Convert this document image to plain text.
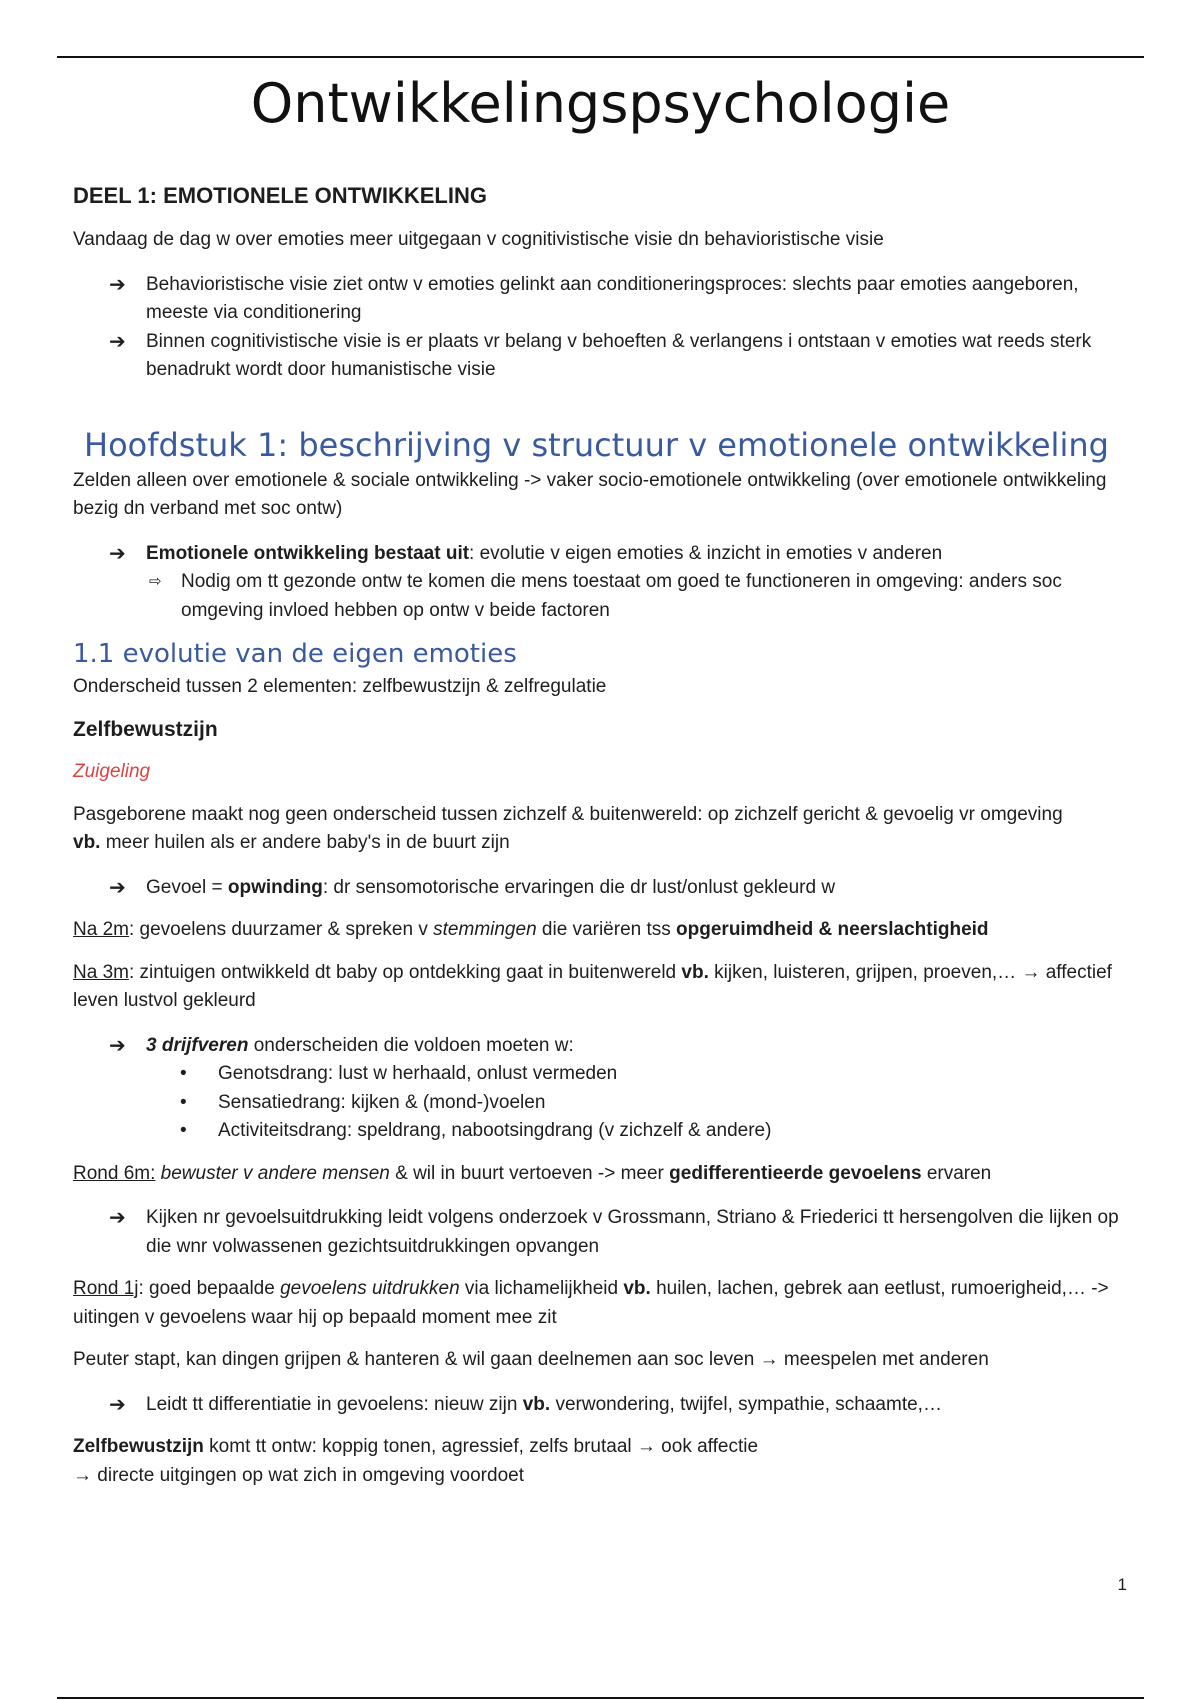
Ontwikkelingspsychologie

DEEL 1: EMOTIONELE ONTWIKKELING

Vandaag de dag w over emoties meer uitgegaan v cognitivistische visie dn behavioristische visie

➔ Behavioristische visie ziet ontw v emoties gelinkt aan conditioneringsproces: slechts paar emoties aangeboren, meeste via conditionering
➔ Binnen cognitivistische visie is er plaats vr belang v behoeften & verlangens i ontstaan v emoties wat reeds sterk benadrukt wordt door humanistische visie
Hoofdstuk 1: beschrijving v structuur v emotionele ontwikkeling

Zelden alleen over emotionele & sociale ontwikkeling -> vaker socio-emotionele ontwikkeling (over emotionele ontwikkeling bezig dn verband met soc ontw)

➔ Emotionele ontwikkeling bestaat uit: evolutie v eigen emoties & inzicht in emoties v anderen
⇨ Nodig om tt gezonde ontw te komen die mens toestaat om goed te functioneren in omgeving: anders soc omgeving invloed hebben op ontw v beide factoren
1.1 evolutie van de eigen emoties

Onderscheid tussen 2 elementen: zelfbewustzijn & zelfregulatie

Zelfbewustzijn

Zuigeling

Pasgeborene maakt nog geen onderscheid tussen zichzelf & buitenwereld: op zichzelf gericht & gevoelig vr omgeving
vb. meer huilen als er andere baby's in de buurt zijn

➔ Gevoel = opwinding: dr sensomotorische ervaringen die dr lust/onlust gekleurd w

Na 2m: gevoelens duurzamer & spreken v stemmingen die variëren tss opgeruimdheid & neerslachtigheid

Na 3m: zintuigen ontwikkeld dt baby op ontdekking gaat in buitenwereld vb. kijken, luisteren, grijpen, proeven,… → affectief leven lustvol gekleurd

➔ 3 drijfveren onderscheiden die voldoen moeten w:
• Genotsdrang: lust w herhaald, onlust vermeden
• Sensatiedrang: kijken & (mond-)voelen
• Activiteitsdrang: speldrang, nabootsingdrang (v zichzelf & andere)

Rond 6m: bewuster v andere mensen & wil in buurt vertoeven -> meer gedifferentieerde gevoelens ervaren

➔ Kijken nr gevoelsuitdrukking leidt volgens onderzoek v Grossmann, Striano & Friederici tt hersengolven die lijken op die wnr volwassenen gezichtsuitdrukkingen opvangen

Rond 1j: goed bepaalde gevoelens uitdrukken via lichamelijkheid vb. huilen, lachen, gebrek aan eetlust, rumoerigheid,… -> uitingen v gevoelens waar hij op bepaald moment mee zit

Peuter stapt, kan dingen grijpen & hanteren & wil gaan deelnemen aan soc leven → meespelen met anderen

➔ Leidt tt differentiatie in gevoelens: nieuw zijn vb. verwondering, twijfel, sympathie, schaamte,…

Zelfbewustzijn komt tt ontw: koppig tonen, agressief, zelfs brutaal → ook affectie
→ directe uitgingen op wat zich in omgeving voordoet

1
